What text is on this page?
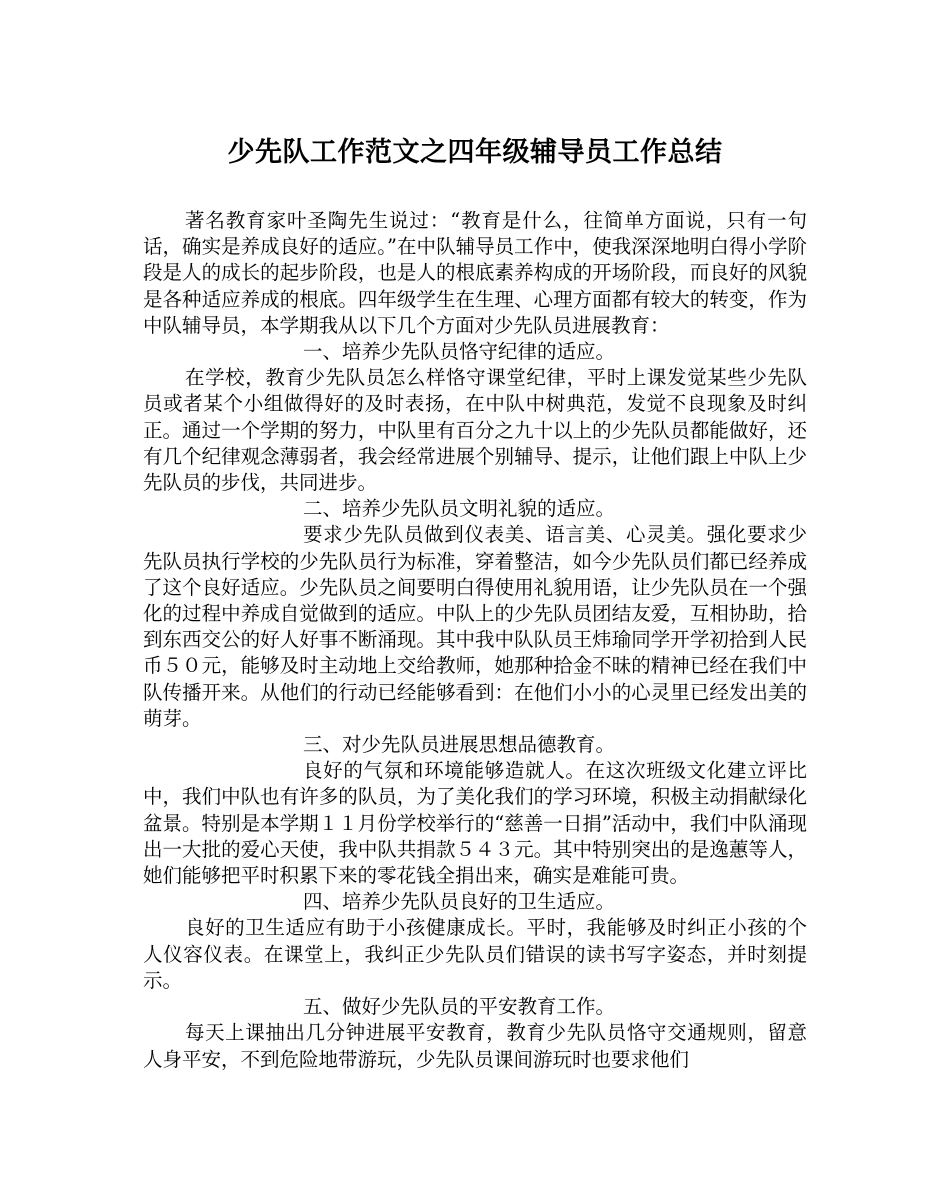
少先队工作范文之四年级辅导员工作总结

著名教育家叶圣陶先生说过：“教育是什么，往简单方面说，只有一句话，确实是养成良好的适应。”在中队辅导员工作中，使我深深地明白得小学阶段是人的成长的起步阶段，也是人的根底素养构成的开场阶段，而良好的风貌是各种适应养成的根底。四年级学生在生理、心理方面都有较大的转变，作为中队辅导员，本学期我从以下几个方面对少先队员进展教育：

一、培养少先队员恪守纪律的适应。

在学校，教育少先队员怎么样恪守课堂纪律，平时上课发觉某些少先队员或者某个小组做得好的及时表扬，在中队中树典范，发觉不良现象及时纠正。通过一个学期的努力，中队里有百分之九十以上的少先队员都能做好，还有几个纪律观念薄弱者，我会经常进展个别辅导、提示，让他们跟上中队上少先队员的步伐，共同进步。

二、培养少先队员文明礼貌的适应。

要求少先队员做到仪表美、语言美、心灵美。强化要求少先队员执行学校的少先队员行为标准，穿着整洁，如今少先队员们都已经养成了这个良好适应。少先队员之间要明白得使用礼貌用语，让少先队员在一个强化的过程中养成自觉做到的适应。中队上的少先队员团结友爱，互相协助，拾到东西交公的好人好事不断涌现。其中我中队队员王炜瑜同学开学初拾到人民币５０元，能够及时主动地上交给教师，她那种拾金不昧的精神已经在我们中队传播开来。从他们的行动已经能够看到：在他们小小的心灵里已经发出美的萌芽。

三、对少先队员进展思想品德教育。

良好的气氛和环境能够造就人。在这次班级文化建立评比中，我们中队也有许多的队员，为了美化我们的学习环境，积极主动捐献绿化盆景。特别是本学期１１月份学校举行的“慈善一日捐”活动中，我们中队涌现出一大批的爱心天使，我中队共捐款５４３元。其中特别突出的是逸蕙等人，她们能够把平时积累下来的零花钱全捐出来，确实是难能可贵。

四、培养少先队员良好的卫生适应。

良好的卫生适应有助于小孩健康成长。平时，我能够及时纠正小孩的个人仪容仪表。在课堂上，我纠正少先队员们错误的读书写字姿态，并时刻提示。

五、做好少先队员的平安教育工作。

每天上课抽出几分钟进展平安教育，教育少先队员恪守交通规则，留意人身平安，不到危险地带游玩，少先队员课间游玩时也要求他们
